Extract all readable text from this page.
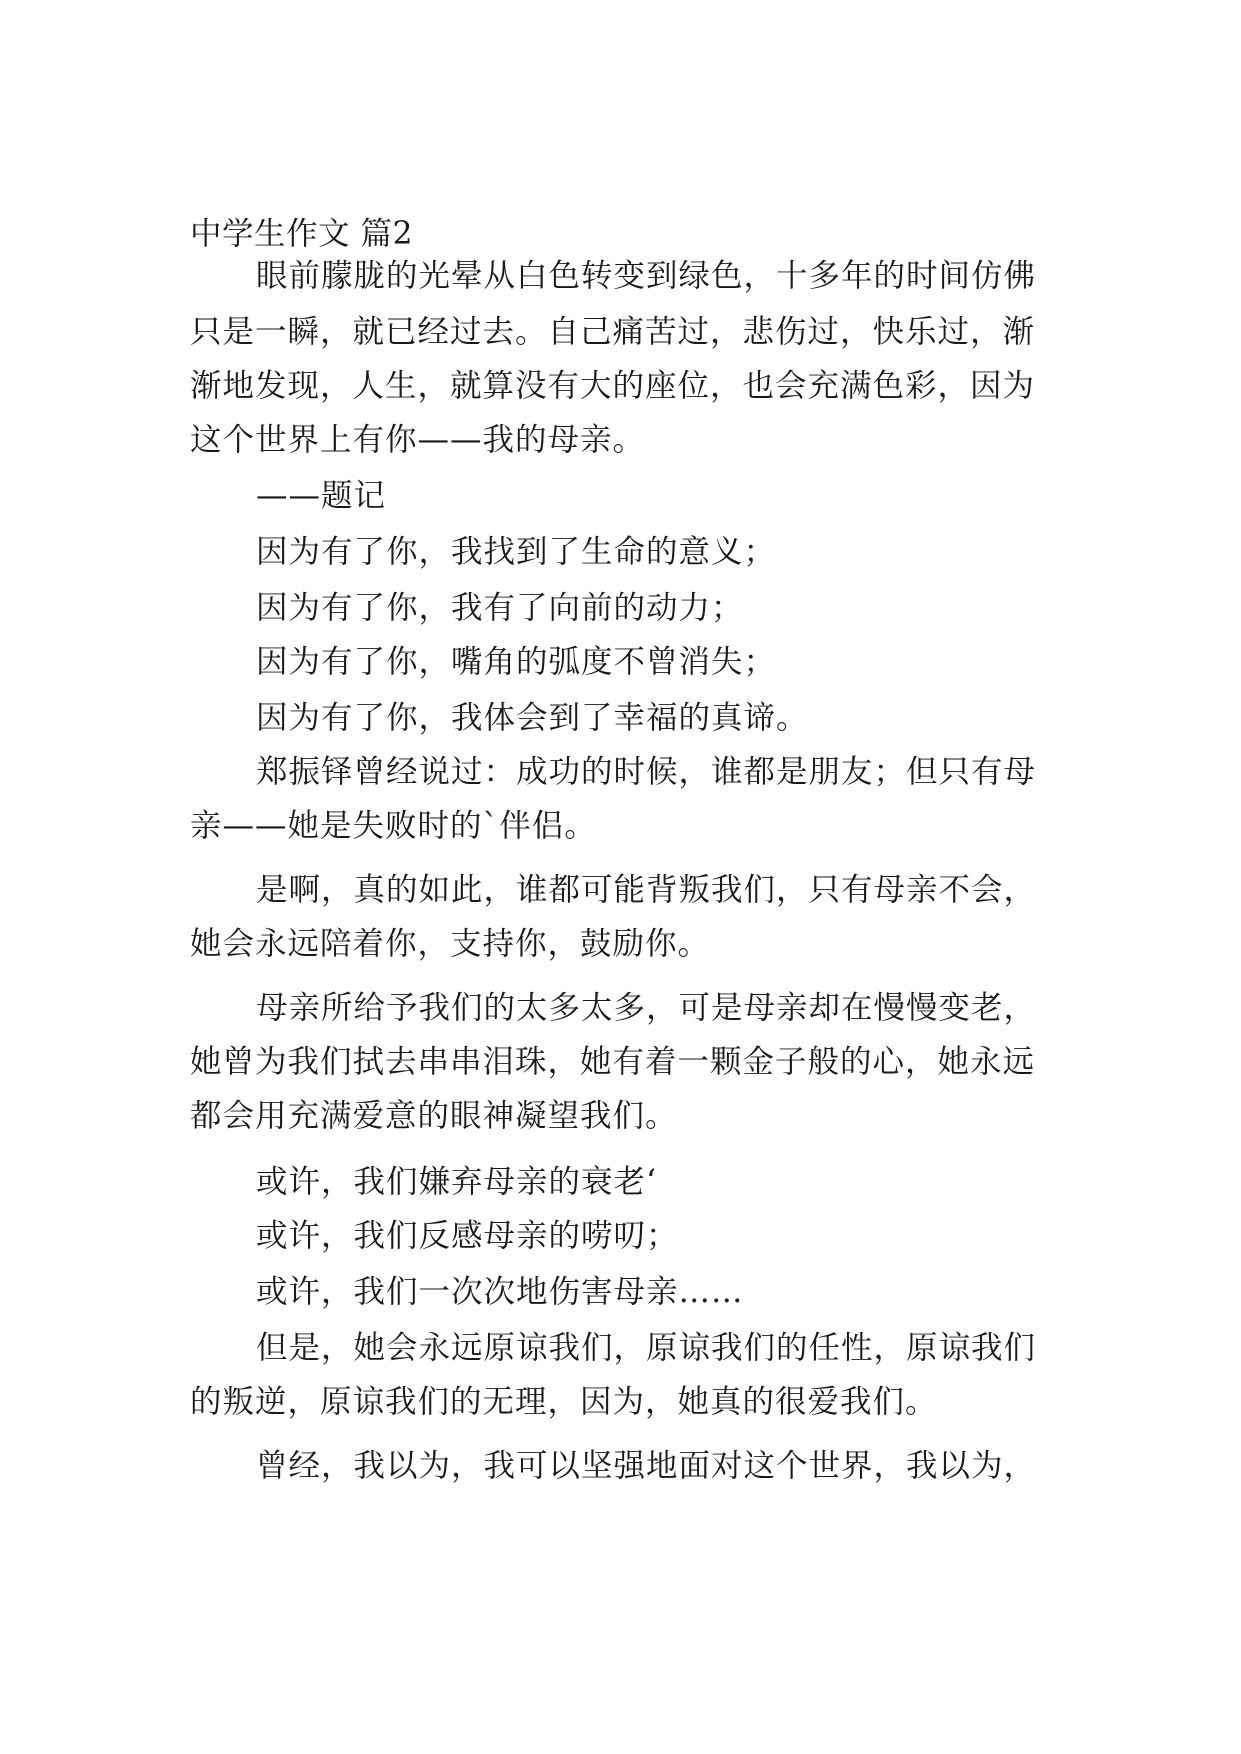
中学生作文 篇2
眼前朦胧的光晕从白色转变到绿色，十多年的时间仿佛
只是一瞬，就已经过去。自己痛苦过，悲伤过，快乐过，渐
渐地发现，人生，就算没有大的座位，也会充满色彩，因为
这个世界上有你——我的母亲。
——题记
因为有了你，我找到了生命的意义；
因为有了你，我有了向前的动力；
因为有了你，嘴角的弧度不曾消失；
因为有了你，我体会到了幸福的真谛。
郑振铎曾经说过：成功的时候，谁都是朋友；但只有母
亲——她是失败时的`伴侣。
是啊，真的如此，谁都可能背叛我们，只有母亲不会，
她会永远陪着你，支持你，鼓励你。
母亲所给予我们的太多太多，可是母亲却在慢慢变老，
她曾为我们拭去串串泪珠，她有着一颗金子般的心，她永远
都会用充满爱意的眼神凝望我们。
或许，我们嫌弃母亲的衰老‘
或许，我们反感母亲的唠叨；
或许，我们一次次地伤害母亲……
但是，她会永远原谅我们，原谅我们的任性，原谅我们
的叛逆，原谅我们的无理，因为，她真的很爱我们。
曾经，我以为，我可以坚强地面对这个世界，我以为，
